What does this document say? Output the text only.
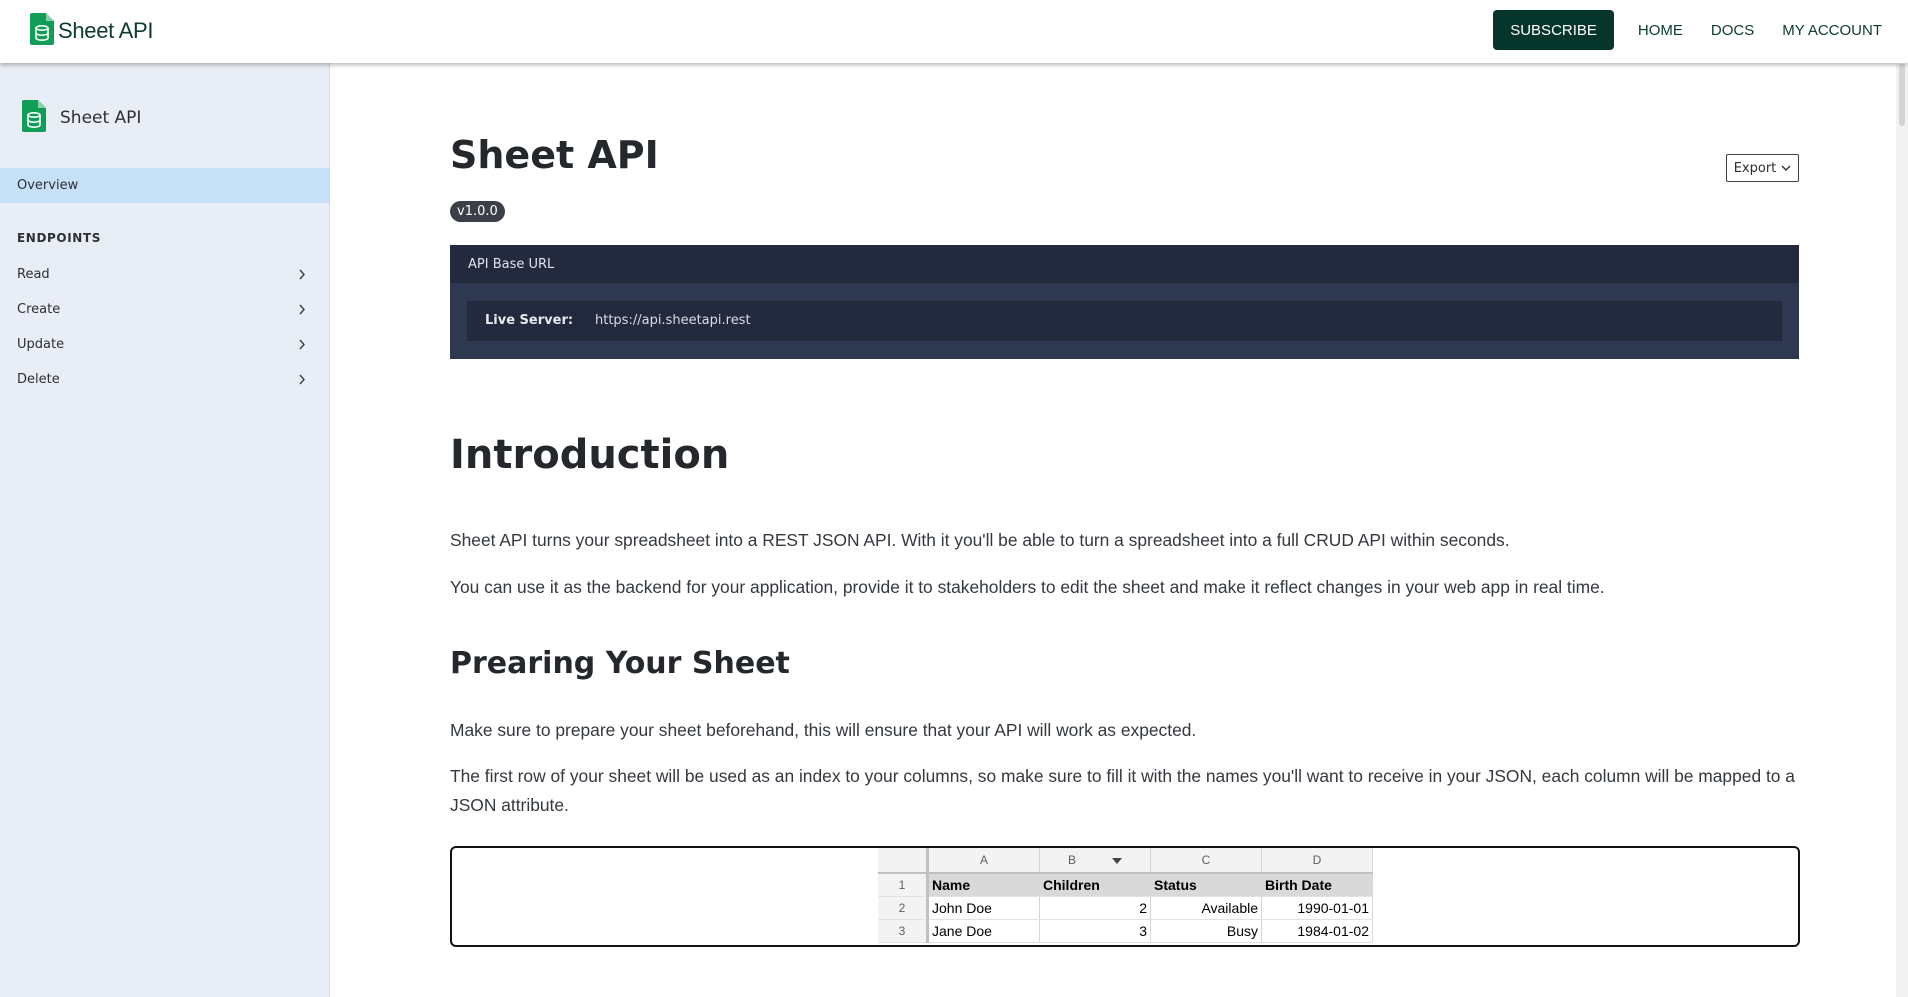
Sheet API	SUBSCRIBE	HOME DOCS MY ACCOUNT
Sheet API
Overview
ENDPOINTS
Read
Create
Update
Delete
Sheet API
v1.0.0
Export
API Base URL
Live Server: https://api.sheetapi.rest
Introduction

Sheet API turns your spreadsheet into a REST JSON API. With it you'll be able to turn a spreadsheet into a full CRUD API within seconds.

You can use it as the backend for your application, provide it to stakeholders to edit the sheet and make it reflect changes in your web app in real time.

Prearing Your Sheet

Make sure to prepare your sheet beforehand, this will ensure that your API will work as expected.

The first row of your sheet will be used as an index to your columns, so make sure to fill it with the names you'll want to receive in your JSON, each column will be mapped to a JSON attribute.

	A	B	C	D
1	Name	Children	Status	Birth Date
2	John Doe	2	Available	1990-01-01
3	Jane Doe	3	Busy	1984-01-02
